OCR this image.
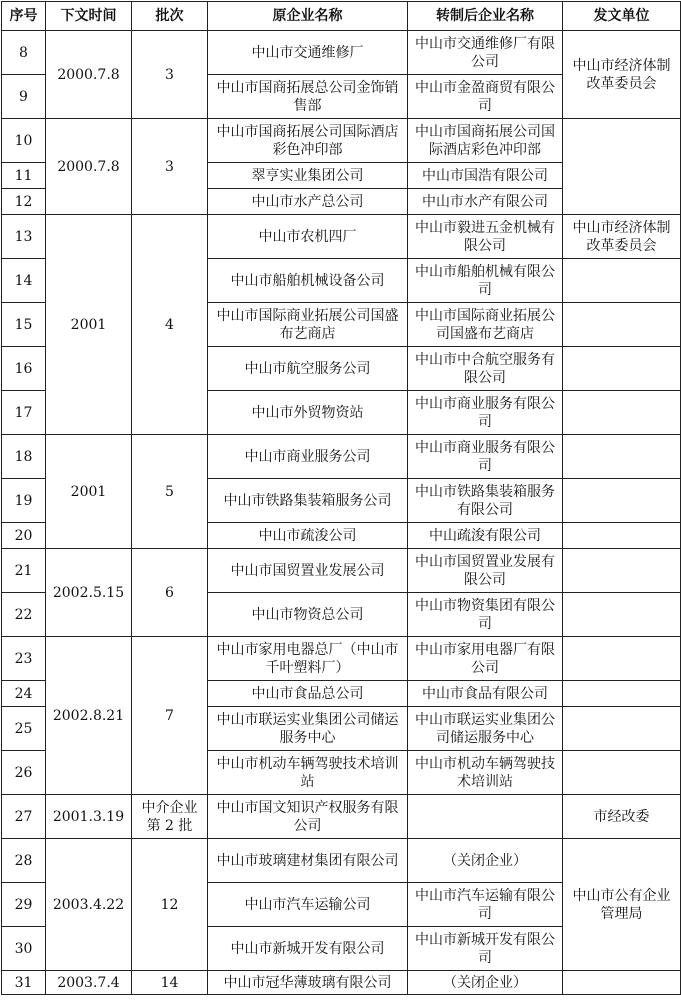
序号	下文时间	批次	原企业名称	转制后企业名称	发文单位
8	2000.7.8	3	中山市交通维修厂	中山市交通维修厂有限公司	中山市经济体制改革委员会
9			中山市国商拓展总公司金饰销售部	中山市金盈商贸有限公司	
10	2000.7.8	3	中山市国商拓展公司国际酒店彩色冲印部	中山市国商拓展公司国际酒店彩色冲印部	
11			翠亨实业集团公司	中山市国浩有限公司	
12			中山市水产总公司	中山市水产有限公司	
13	2001	4	中山市农机四厂	中山市毅进五金机械有限公司	中山市经济体制改革委员会
14			中山市船舶机械设备公司	中山市船舶机械有限公司	
15			中山市国际商业拓展公司国盛布艺商店	中山市国际商业拓展公司国盛布艺商店	
16			中山市航空服务公司	中山市中合航空服务有限公司	
17			中山市外贸物资站	中山市商业服务有限公司	
18	2001	5	中山市商业服务公司	中山市商业服务有限公司	
19			中山市铁路集装箱服务公司	中山市铁路集装箱服务有限公司	
20			中山市疏浚公司	中山疏浚有限公司	
21	2002.5.15	6	中山市国贸置业发展公司	中山市国贸置业发展有限公司	
22			中山市物资总公司	中山市物资集团有限公司	
23	2002.8.21	7	中山市家用电器总厂（中山市千叶塑料厂）	中山市家用电器厂有限公司	
24			中山市食品总公司	中山市食品有限公司	
25			中山市联运实业集团公司储运服务中心	中山市联运实业集团公司储运服务中心	
26			中山市机动车辆驾驶技术培训站	中山市机动车辆驾驶技术培训站	
27	2001.3.19	中介企业第 2 批	中山市国文知识产权服务有限公司		市经改委
28	2003.4.22	12	中山市玻璃建材集团有限公司	（关闭企业）	中山市公有企业管理局
29			中山市汽车运输公司	中山市汽车运输有限公司	
30			中山市新城开发有限公司	中山市新城开发有限公司	
31	2003.7.4	14	中山市冠华薄玻璃有限公司	（关闭企业）	
